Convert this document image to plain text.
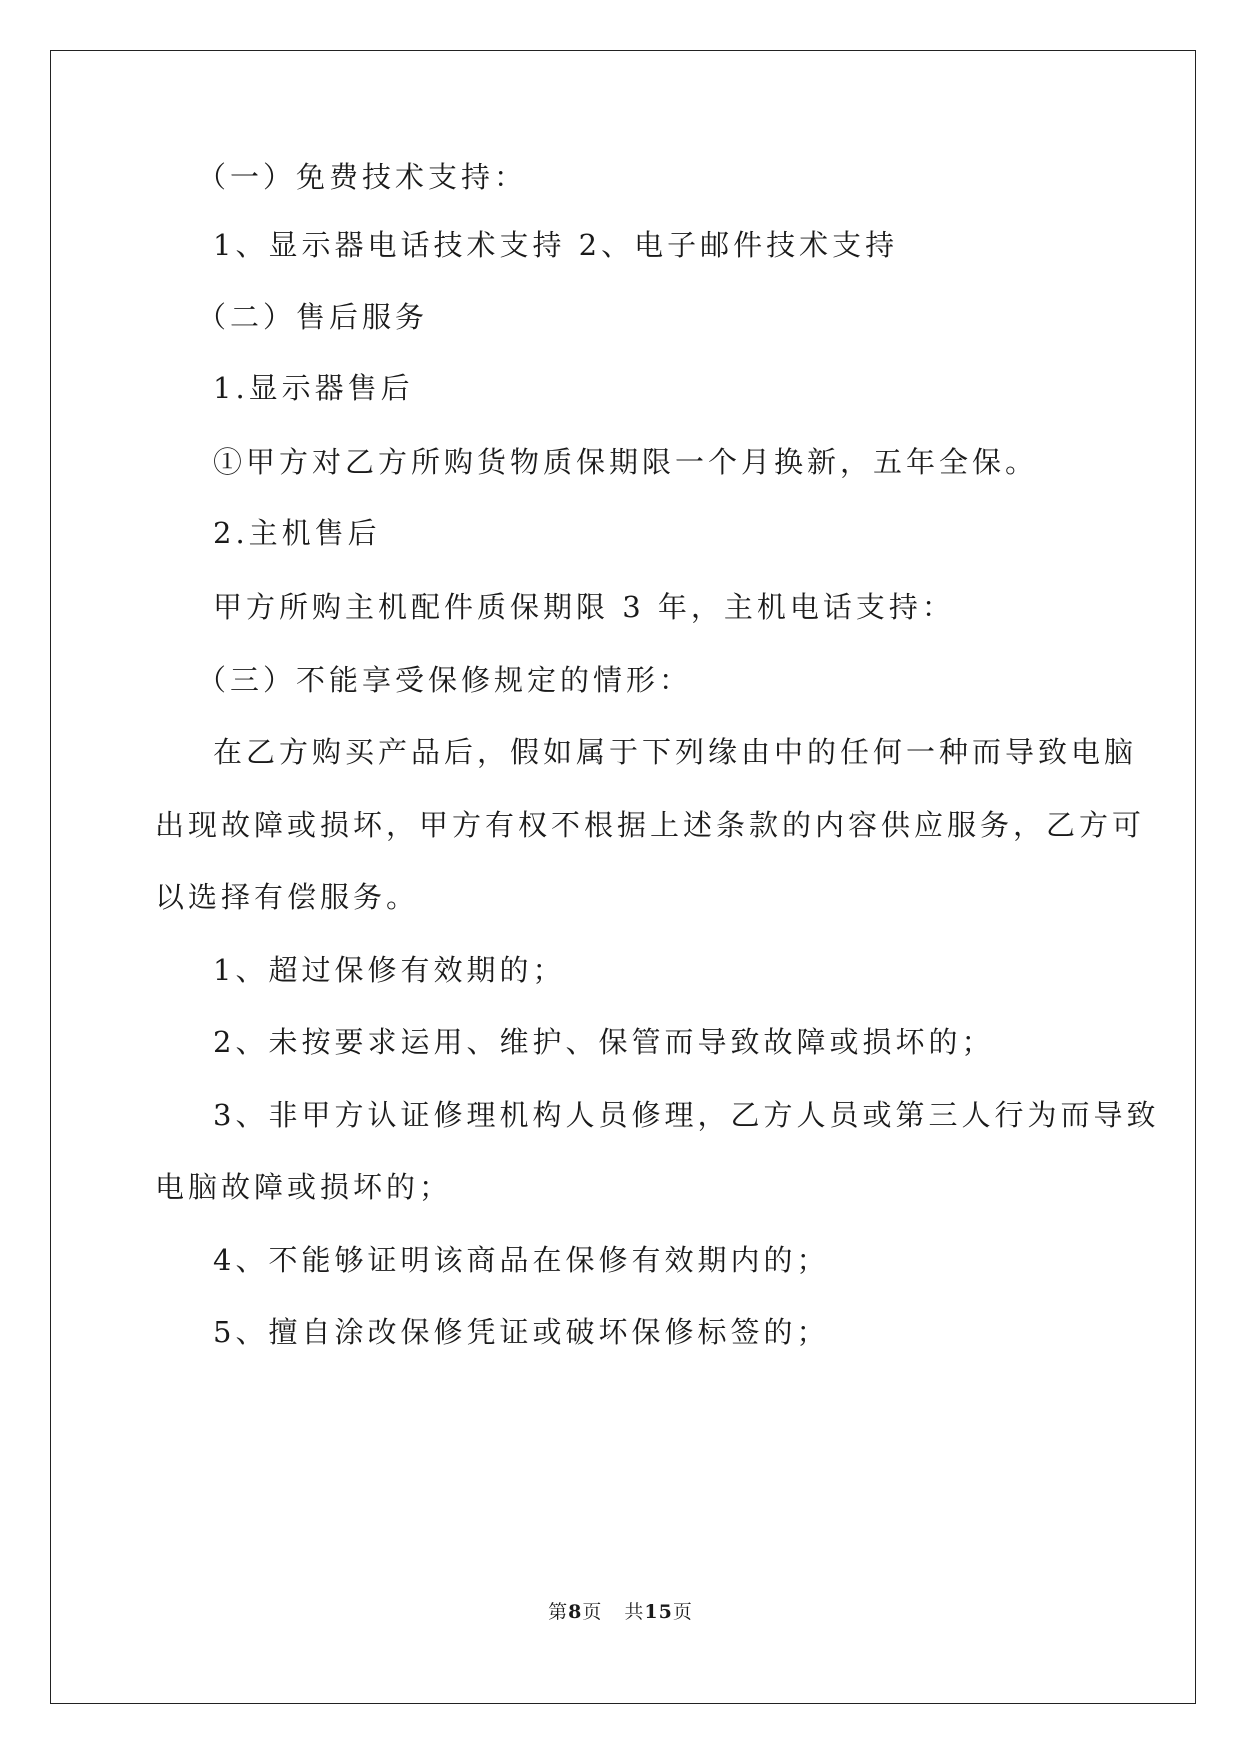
（一）免费技术支持：
1、显示器电话技术支持 2、电子邮件技术支持
（二）售后服务
1.显示器售后
①甲方对乙方所购货物质保期限一个月换新，五年全保。
2.主机售后
甲方所购主机配件质保期限 3 年，主机电话支持：
（三）不能享受保修规定的情形：
在乙方购买产品后，假如属于下列缘由中的任何一种而导致电脑
出现故障或损坏，甲方有权不根据上述条款的内容供应服务，乙方可
以选择有偿服务。
1、超过保修有效期的；
2、未按要求运用、维护、保管而导致故障或损坏的；
3、非甲方认证修理机构人员修理，乙方人员或第三人行为而导致
电脑故障或损坏的；
4、不能够证明该商品在保修有效期内的；
5、擅自涂改保修凭证或破坏保修标签的；
第8页 共15页
